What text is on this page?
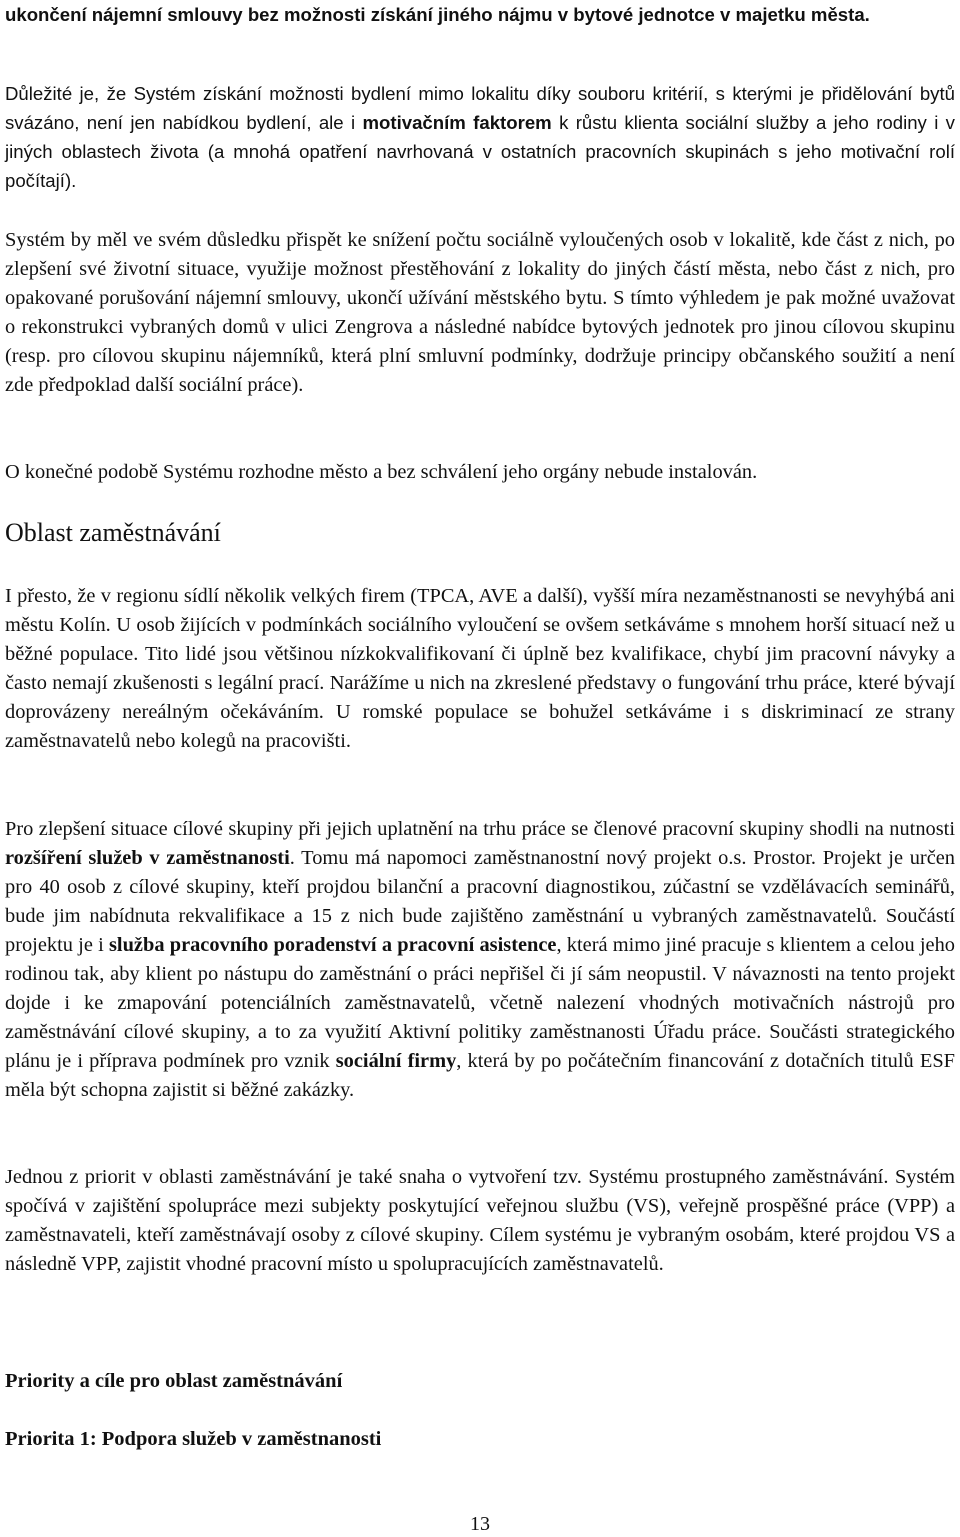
ukončení nájemní smlouvy bez možnosti získání jiného nájmu v bytové jednotce v majetku města.

Důležité je, že Systém získání možnosti bydlení mimo lokalitu díky souboru kritérií, s kterými je přidělování bytů svázáno, není jen nabídkou bydlení, ale i motivačním faktorem k růstu klienta sociální služby a jeho rodiny i v jiných oblastech života (a mnohá opatření navrhovaná v ostatních pracovních skupinách s jeho motivační rolí počítají).

Systém by měl ve svém důsledku přispět ke snížení počtu sociálně vyloučených osob v lokalitě, kde část z nich, po zlepšení své životní situace, využije možnost přestěhování z lokality do jiných částí města, nebo část z nich, pro opakované porušování nájemní smlouvy, ukončí užívání městského bytu. S tímto výhledem je pak možné uvažovat o rekonstrukci vybraných domů v ulici Zengrova a následné nabídce bytových jednotek pro jinou cílovou skupinu (resp. pro cílovou skupinu nájemníků, která plní smluvní podmínky, dodržuje principy občanského soužití a není zde předpoklad další sociální práce).

O konečné podobě Systému rozhodne město a bez schválení jeho orgány nebude instalován.

Oblast zaměstnávání

I přesto, že v regionu sídlí několik velkých firem (TPCA, AVE a další), vyšší míra nezaměstnanosti se nevyhýbá ani městu Kolín. U osob žijících v podmínkách sociálního vyloučení se ovšem setkáváme s mnohem horší situací než u běžné populace. Tito lidé jsou většinou nízkokvalifikovaní či úplně bez kvalifikace, chybí jim pracovní návyky a často nemají zkušenosti s legální prací. Narážíme u nich na zkreslené představy o fungování trhu práce, které bývají doprovázeny nereálným očekáváním. U romské populace se bohužel setkáváme i s diskriminací ze strany zaměstnavatelů nebo kolegů na pracovišti.

Pro zlepšení situace cílové skupiny při jejich uplatnění na trhu práce se členové pracovní skupiny shodli na nutnosti rozšíření služeb v zaměstnanosti. Tomu má napomoci zaměstnanostní nový projekt o.s. Prostor. Projekt je určen pro 40 osob z cílové skupiny, kteří projdou bilanční a pracovní diagnostikou, zúčastní se vzdělávacích seminářů, bude jim nabídnuta rekvalifikace a 15 z nich bude zajištěno zaměstnání u vybraných zaměstnavatelů. Součástí projektu je i služba pracovního poradenství a pracovní asistence, která mimo jiné pracuje s klientem a celou jeho rodinou tak, aby klient po nástupu do zaměstnání o práci nepřišel či jí sám neopustil. V návaznosti na tento projekt dojde i ke zmapování potenciálních zaměstnavatelů, včetně nalezení vhodných motivačních nástrojů pro zaměstnávání cílové skupiny, a to za využití Aktivní politiky zaměstnanosti Úřadu práce. Součásti strategického plánu je i příprava podmínek pro vznik sociální firmy, která by po počátečním financování z dotačních titulů ESF měla být schopna zajistit si běžné zakázky.

Jednou z priorit v oblasti zaměstnávání je také snaha o vytvoření tzv. Systému prostupného zaměstnávání. Systém spočívá v zajištění spolupráce mezi subjekty poskytující veřejnou službu (VS), veřejně prospěšné práce (VPP) a zaměstnavateli, kteří zaměstnávají osoby z cílové skupiny. Cílem systému je vybraným osobám, které projdou VS a následně VPP, zajistit vhodné pracovní místo u spolupracujících zaměstnavatelů.

Priority a cíle pro oblast zaměstnávání
Priorita 1: Podpora služeb v zaměstnanosti
13
